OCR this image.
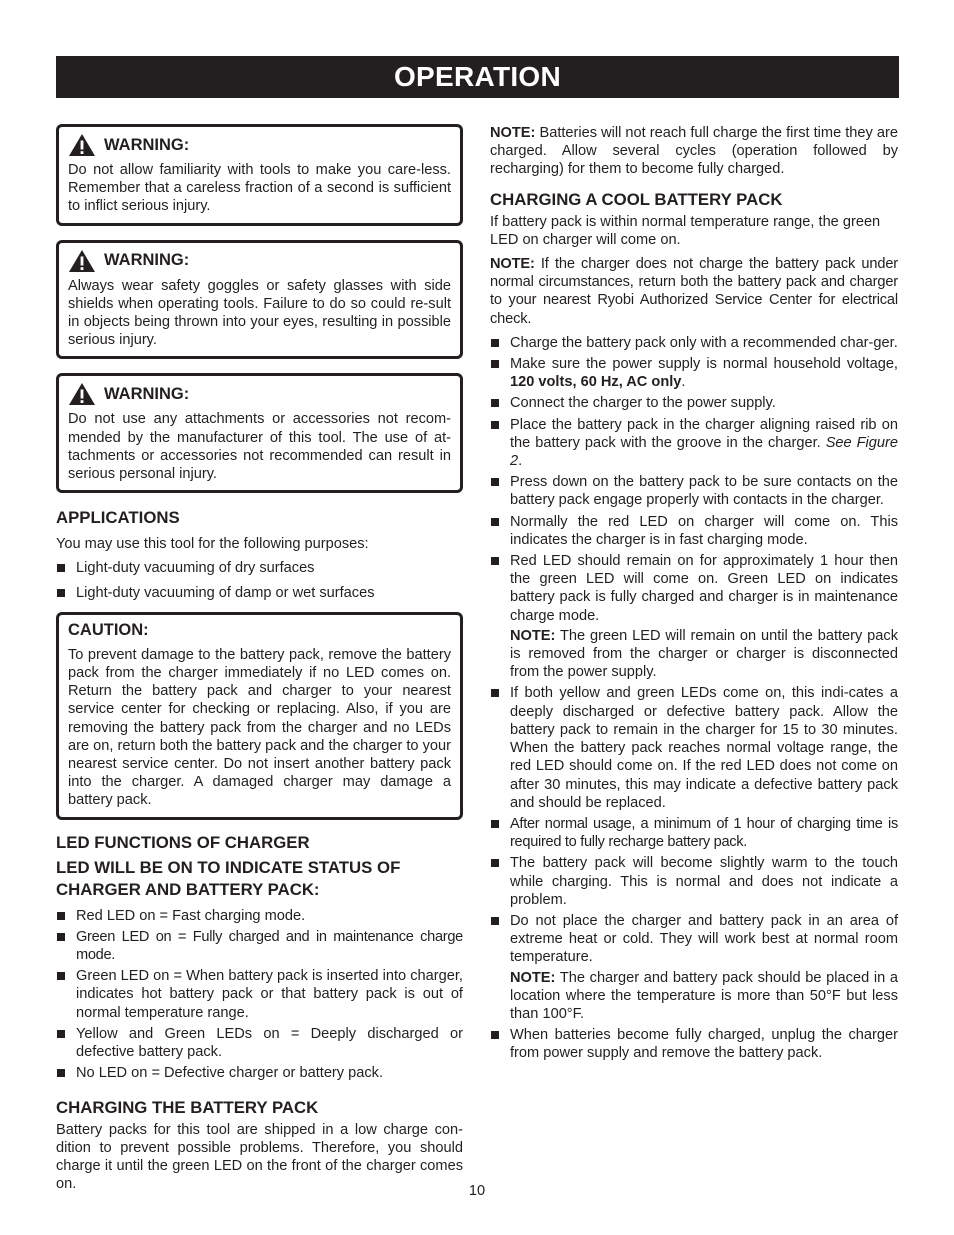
OPERATION
WARNING:

Do not allow familiarity with tools to make you care-less. Remember that a careless fraction of a second is sufficient to inflict serious injury.

WARNING:

Always wear safety goggles or safety glasses with side shields when operating tools. Failure to do so could re-sult in objects being thrown into your eyes, resulting in possible serious injury.

WARNING:

Do not use any attachments or accessories not recom-mended by the manufacturer of this tool. The use of at-tachments or accessories not recommended can result in serious personal injury.

APPLICATIONS

You may use this tool for the following purposes:

Light-duty vacuuming of dry surfaces
Light-duty vacuuming of damp or wet surfaces
CAUTION:

To prevent damage to the battery pack, remove the battery pack from the charger immediately if no LED comes on. Return the battery pack and charger to your nearest service center for checking or replacing. Also, if you are removing the battery pack from the charger and no LEDs are on, return both the battery pack and the charger to your nearest service center. Do not insert another battery pack into the charger. A damaged charger may damage a battery pack.

LED FUNCTIONS OF CHARGER
LED WILL BE ON TO INDICATE STATUS OF CHARGER AND BATTERY PACK:
Red LED on = Fast charging mode.
Green LED on = Fully charged and in maintenance charge mode.
Green LED on = When battery pack is inserted into charger, indicates hot battery pack or that battery pack is out of normal temperature range.
Yellow and Green LEDs on = Deeply discharged or defective battery pack.
No LED on = Defective charger or battery pack.
CHARGING THE BATTERY PACK

Battery packs for this tool are shipped in a low charge con-dition to prevent possible problems. Therefore, you should charge it until the green LED on the front of the charger comes on.

NOTE: Batteries will not reach full charge the first time they are charged. Allow several cycles (operation followed by recharging) for them to become fully charged.

CHARGING A COOL BATTERY PACK

If battery pack is within normal temperature range, the green LED on charger will come on.

NOTE: If the charger does not charge the battery pack under normal circumstances, return both the battery pack and charger to your nearest Ryobi Authorized Service Center for electrical check.

Charge the battery pack only with a recommended char-ger.
Make sure the power supply is normal household voltage, 120 volts, 60 Hz, AC only.
Connect the charger to the power supply.
Place the battery pack in the charger aligning raised rib on the battery pack with the groove in the charger. See Figure 2.
Press down on the battery pack to be sure contacts on the battery pack engage properly with contacts in the charger.
Normally the red LED on charger will come on. This indicates the charger is in fast charging mode.
Red LED should remain on for approximately 1 hour then the green LED will come on. Green LED on indicates battery pack is fully charged and charger is in maintenance charge mode.

NOTE: The green LED will remain on until the battery pack is removed from the charger or charger is disconnected from the power supply.

If both yellow and green LEDs come on, this indi-cates a deeply discharged or defective battery pack. Allow the battery pack to remain in the charger for 15 to 30 minutes. When the battery pack reaches normal voltage range, the red LED should come on. If the red LED does not come on after 30 minutes, this may indicate a defective battery pack and should be replaced.
After normal usage, a minimum of 1 hour of charging time is required to fully recharge battery pack.
The battery pack will become slightly warm to the touch while charging. This is normal and does not indicate a problem.
Do not place the charger and battery pack in an area of extreme heat or cold. They will work best at normal room temperature.

NOTE: The charger and battery pack should be placed in a location where the temperature is more than 50°F but less than 100°F.

When batteries become fully charged, unplug the charger from power supply and remove the battery pack.
10
